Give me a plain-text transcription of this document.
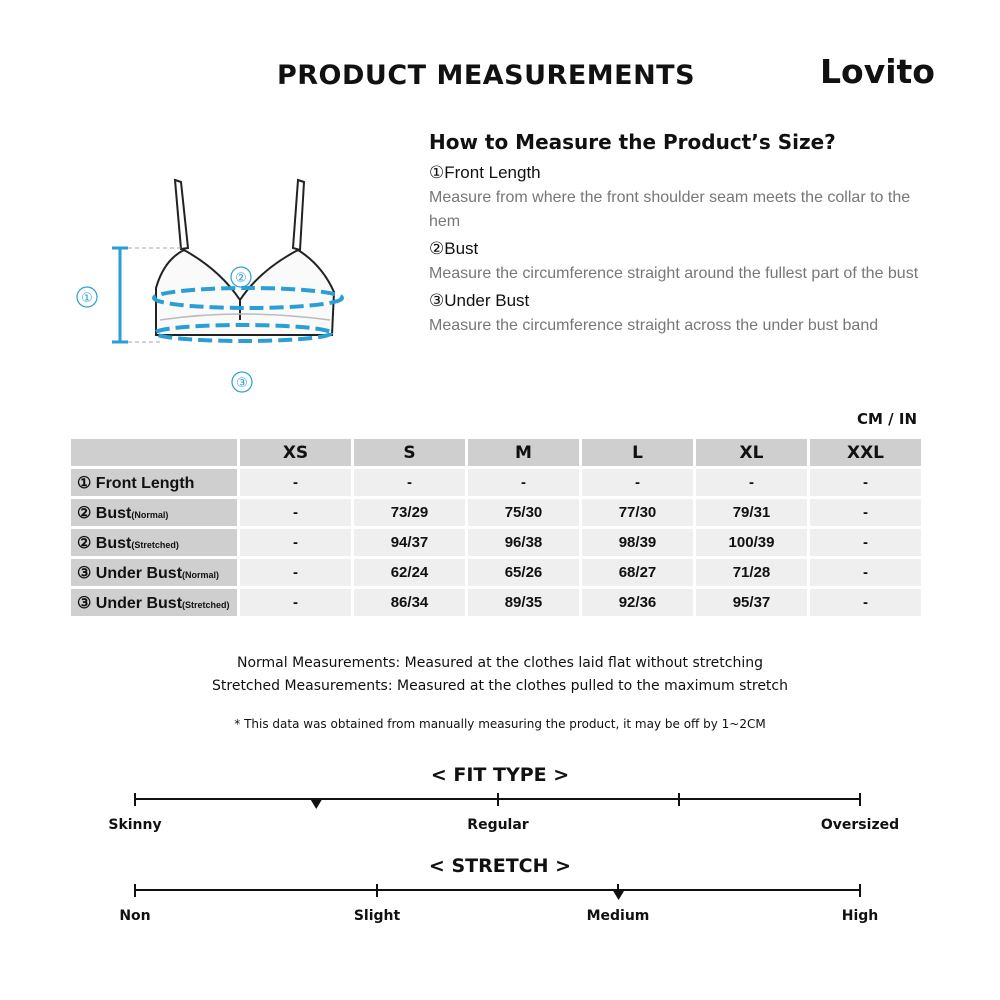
PRODUCT MEASUREMENTS	Lovito
①
②
③
How to Measure the Product’s Size?

①Front Length

Measure from where the front shoulder seam meets the collar to the hem

②Bust

Measure the circumference straight around the fullest part of the bust

③Under Bust

Measure the circumference straight across the under bust band

CM / IN
	XS	S	M	L	XL	XXL
① Front Length	-	-	-	-	-	-
② Bust(Normal)	-	73/29	75/30	77/30	79/31	-
② Bust(Stretched)	-	94/37	96/38	98/39	100/39	-
③ Under Bust(Normal)	-	62/24	65/26	68/27	71/28	-
③ Under Bust(Stretched)	-	86/34	89/35	92/36	95/37	-
Normal Measurements: Measured at the clothes laid flat without stretching
Stretched Measurements: Measured at the clothes pulled to the maximum stretch
* This data was obtained from manually measuring the product, it may be off by 1~2CM
< FIT TYPE >
Skinny	Regular	Oversized
< STRETCH >
Non	Slight	Medium	High
